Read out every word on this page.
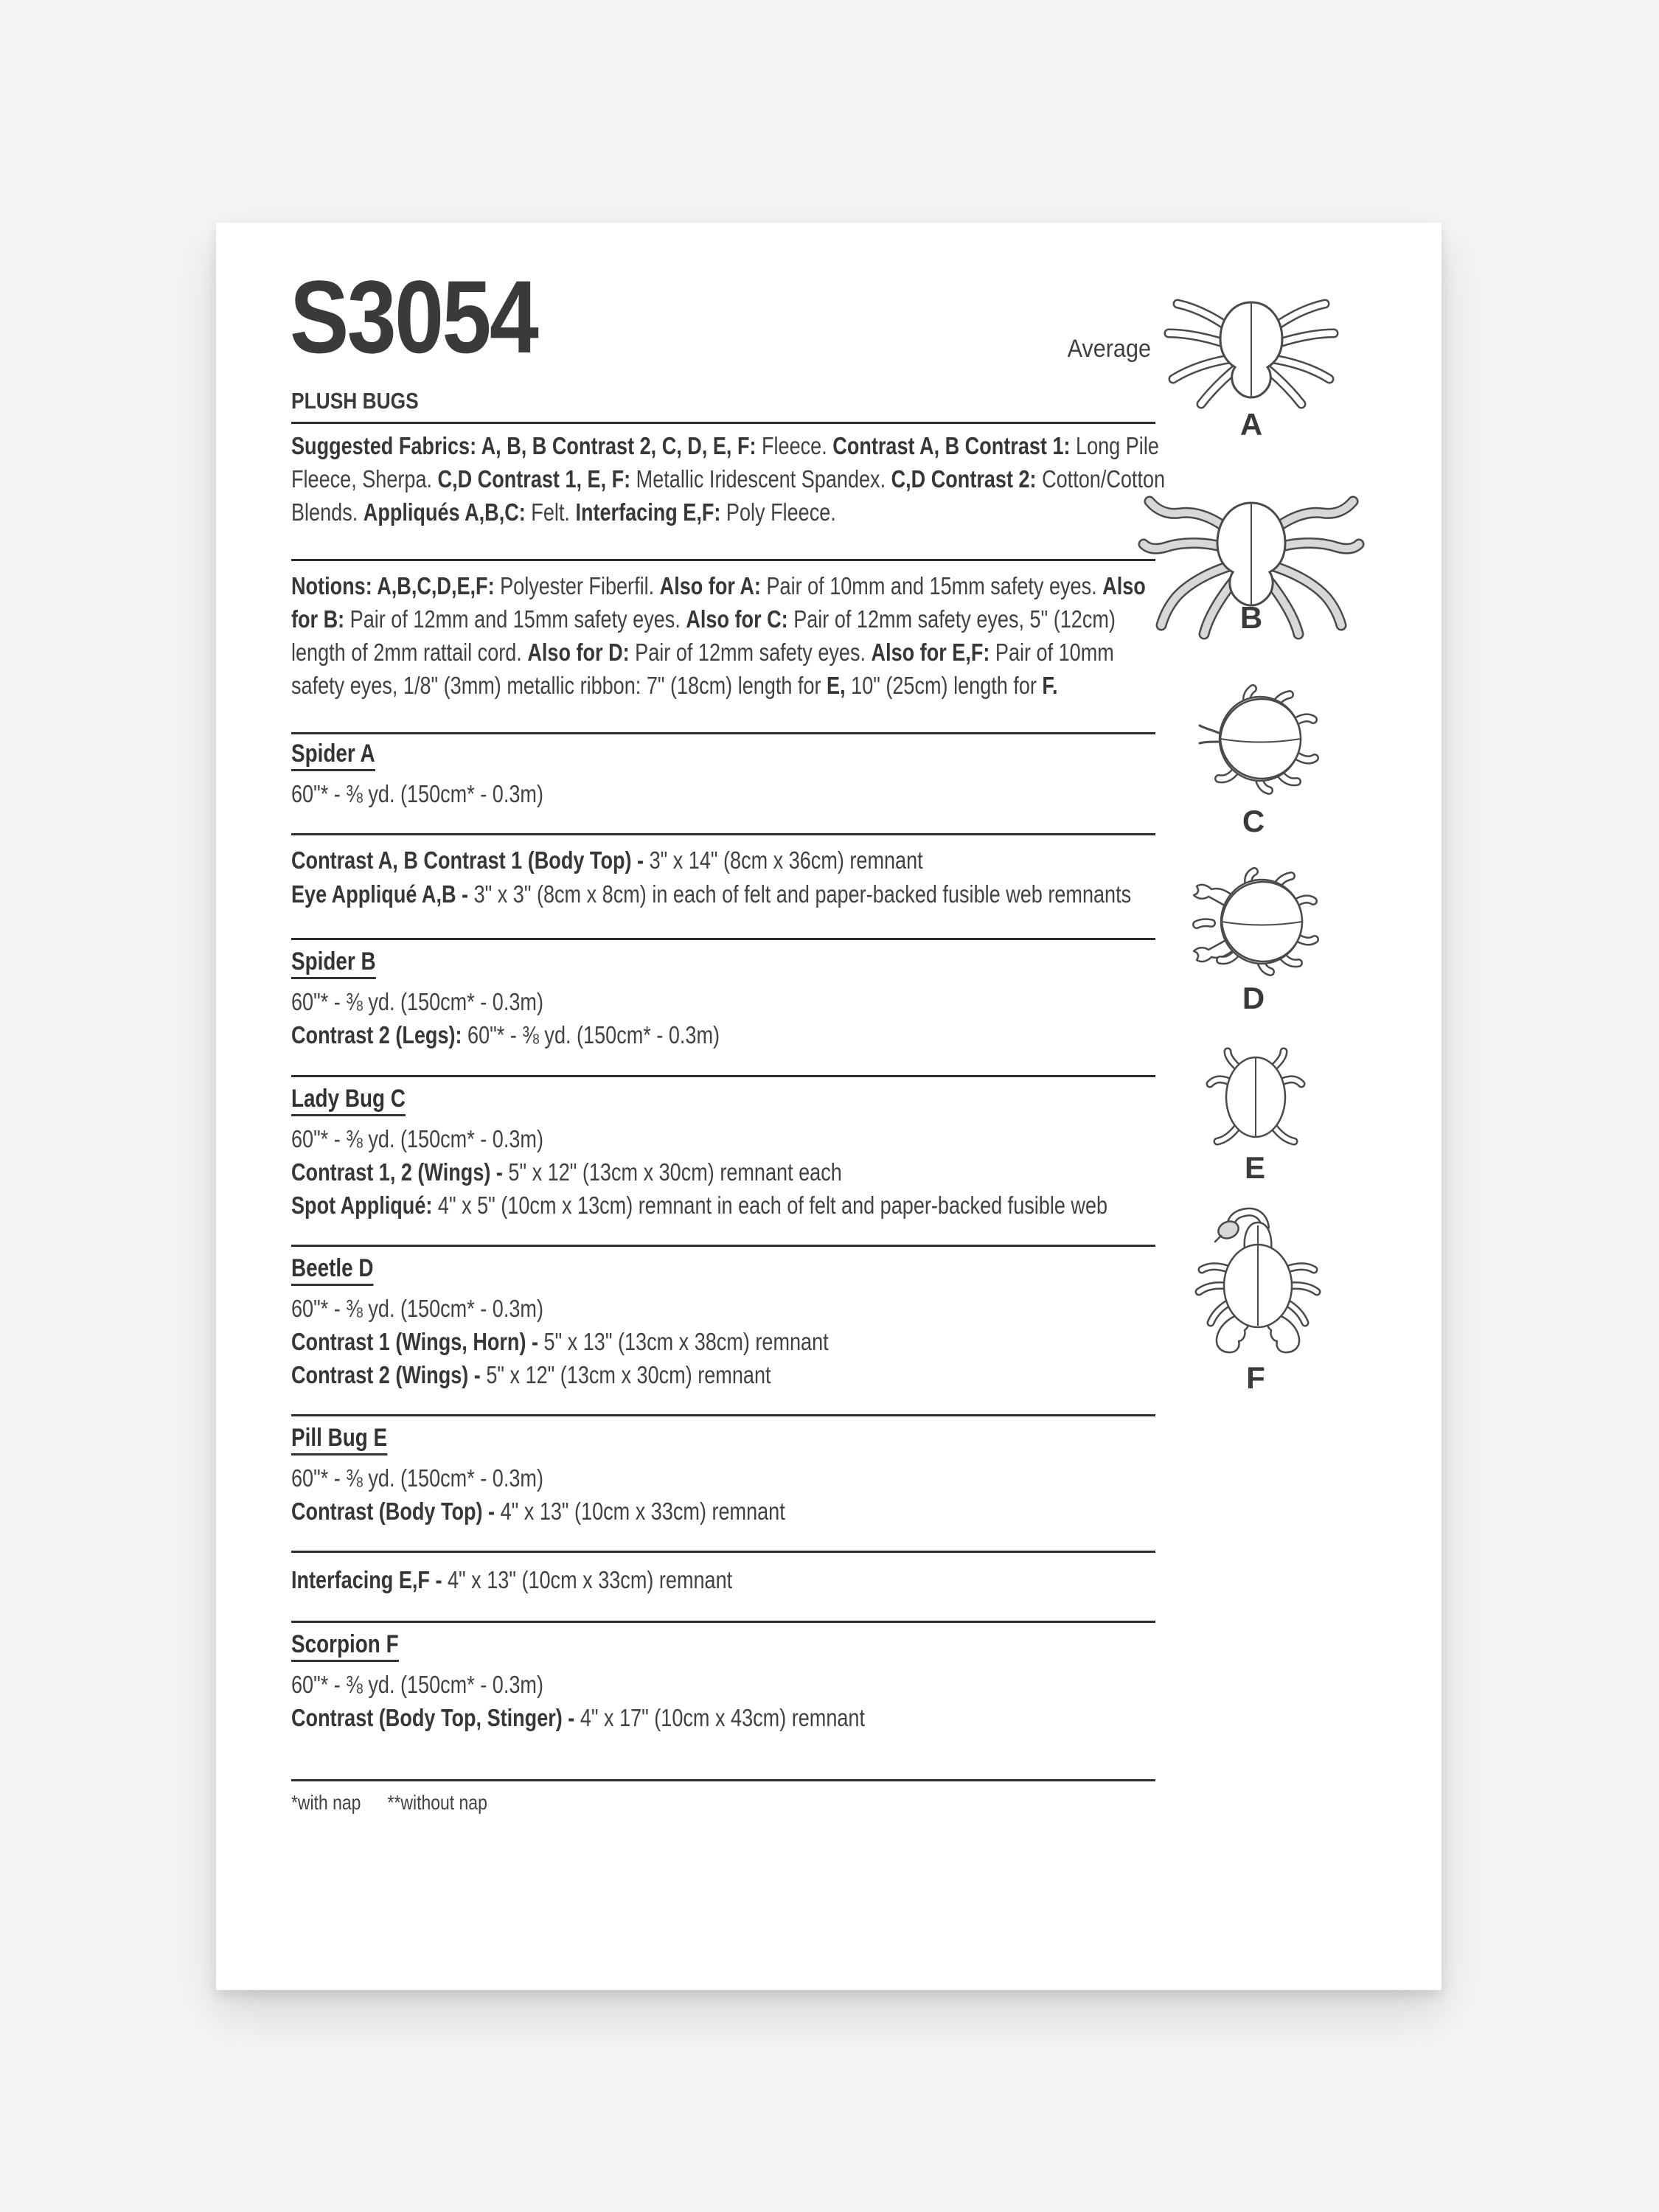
S3054	Average
PLUSH BUGS
Suggested Fabrics: A, B, B Contrast 2, C, D, E, F: Fleece. Contrast A, B Contrast 1: Long Pile
Fleece, Sherpa. C,D Contrast 1, E, F: Metallic Iridescent Spandex. C,D Contrast 2: Cotton/Cotton
Blends. Appliqués A,B,C: Felt. Interfacing E,F: Poly Fleece.
Notions: A,B,C,D,E,F: Polyester Fiberfil. Also for A: Pair of 10mm and 15mm safety eyes. Also
for B: Pair of 12mm and 15mm safety eyes. Also for C: Pair of 12mm safety eyes, 5" (12cm)
length of 2mm rattail cord. Also for D: Pair of 12mm safety eyes. Also for E,F: Pair of 10mm
safety eyes, 1/8" (3mm) metallic ribbon: 7" (18cm) length for E, 10" (25cm) length for F.
Spider A
60"* - ⅜ yd. (150cm* - 0.3m)
Contrast A, B Contrast 1 (Body Top) - 3" x 14" (8cm x 36cm) remnant
Eye Appliqué A,B - 3" x 3" (8cm x 8cm) in each of felt and paper-backed fusible web remnants
Spider B
60"* - ⅜ yd. (150cm* - 0.3m)
Contrast 2 (Legs): 60"* - ⅜ yd. (150cm* - 0.3m)
Lady Bug C
60"* - ⅜ yd. (150cm* - 0.3m)
Contrast 1, 2 (Wings) - 5" x 12" (13cm x 30cm) remnant each
Spot Appliqué: 4" x 5" (10cm x 13cm) remnant in each of felt and paper-backed fusible web
Beetle D
60"* - ⅜ yd. (150cm* - 0.3m)
Contrast 1 (Wings, Horn) - 5" x 13" (13cm x 38cm) remnant
Contrast 2 (Wings) - 5" x 12" (13cm x 30cm) remnant
Pill Bug E
60"* - ⅜ yd. (150cm* - 0.3m)
Contrast (Body Top) - 4" x 13" (10cm x 33cm) remnant
Interfacing E,F - 4" x 13" (10cm x 33cm) remnant
Scorpion F
60"* - ⅜ yd. (150cm* - 0.3m)
Contrast (Body Top, Stinger) - 4" x 17" (10cm x 43cm) remnant
*with nap **without nap
A
B
C
D
E
F
